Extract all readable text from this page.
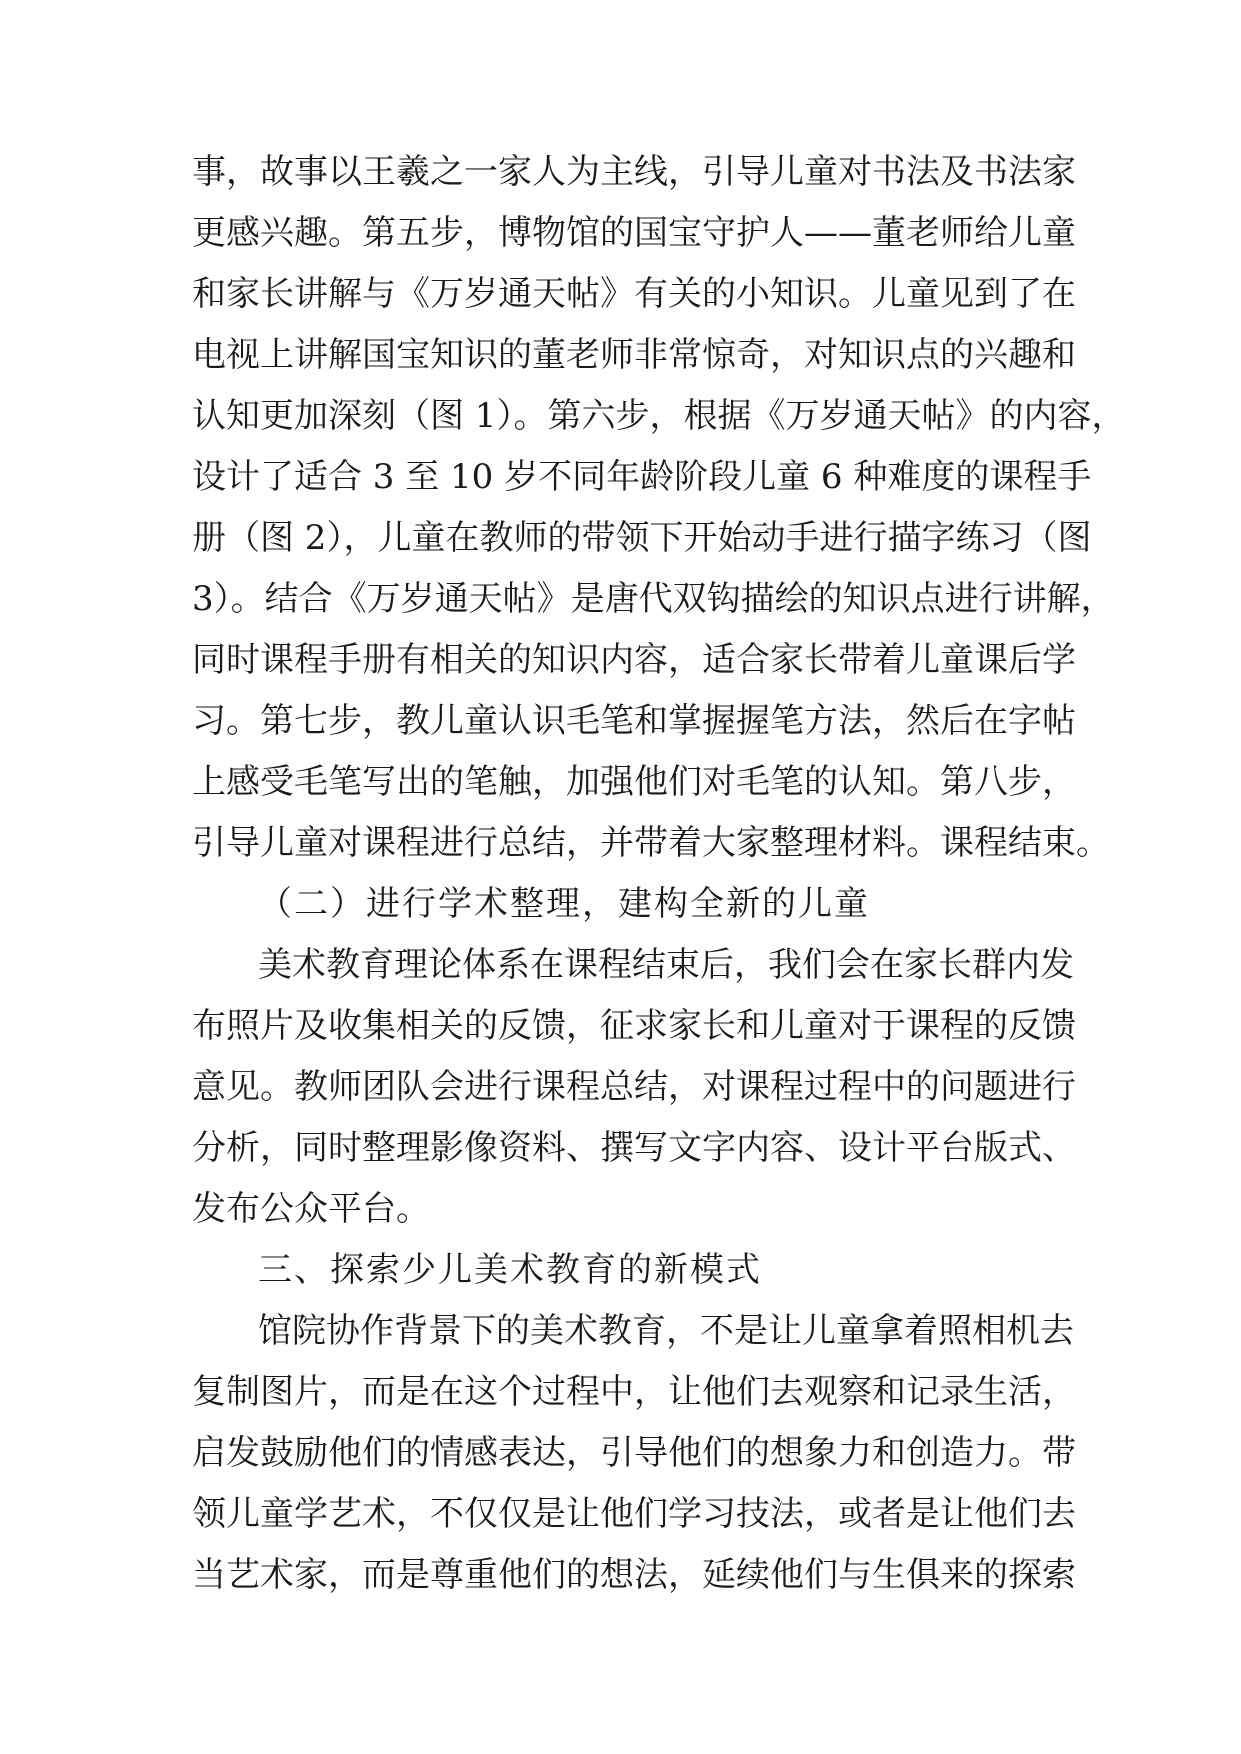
事，故事以王羲之一家人为主线，引导儿童对书法及书法家
更感兴趣。第五步，博物馆的国宝守护人——董老师给儿童
和家长讲解与《万岁通天帖》有关的小知识。儿童见到了在
电视上讲解国宝知识的董老师非常惊奇，对知识点的兴趣和
认知更加深刻（图 1）。第六步，根据《万岁通天帖》的内容，
设计了适合 3 至 10 岁不同年龄阶段儿童 6 种难度的课程手
册（图 2），儿童在教师的带领下开始动手进行描字练习（图
3）。结合《万岁通天帖》是唐代双钩描绘的知识点进行讲解，
同时课程手册有相关的知识内容，适合家长带着儿童课后学
习。第七步，教儿童认识毛笔和掌握握笔方法，然后在字帖
上感受毛笔写出的笔触，加强他们对毛笔的认知。第八步，
引导儿童对课程进行总结，并带着大家整理材料。课程结束。
（二）进行学术整理，建构全新的儿童
美术教育理论体系在课程结束后，我们会在家长群内发
布照片及收集相关的反馈，征求家长和儿童对于课程的反馈
意见。教师团队会进行课程总结，对课程过程中的问题进行
分析，同时整理影像资料、撰写文字内容、设计平台版式、
发布公众平台。
三、探索少儿美术教育的新模式
馆院协作背景下的美术教育，不是让儿童拿着照相机去
复制图片，而是在这个过程中，让他们去观察和记录生活，
启发鼓励他们的情感表达，引导他们的想象力和创造力。带
领儿童学艺术，不仅仅是让他们学习技法，或者是让他们去
当艺术家，而是尊重他们的想法，延续他们与生俱来的探索
